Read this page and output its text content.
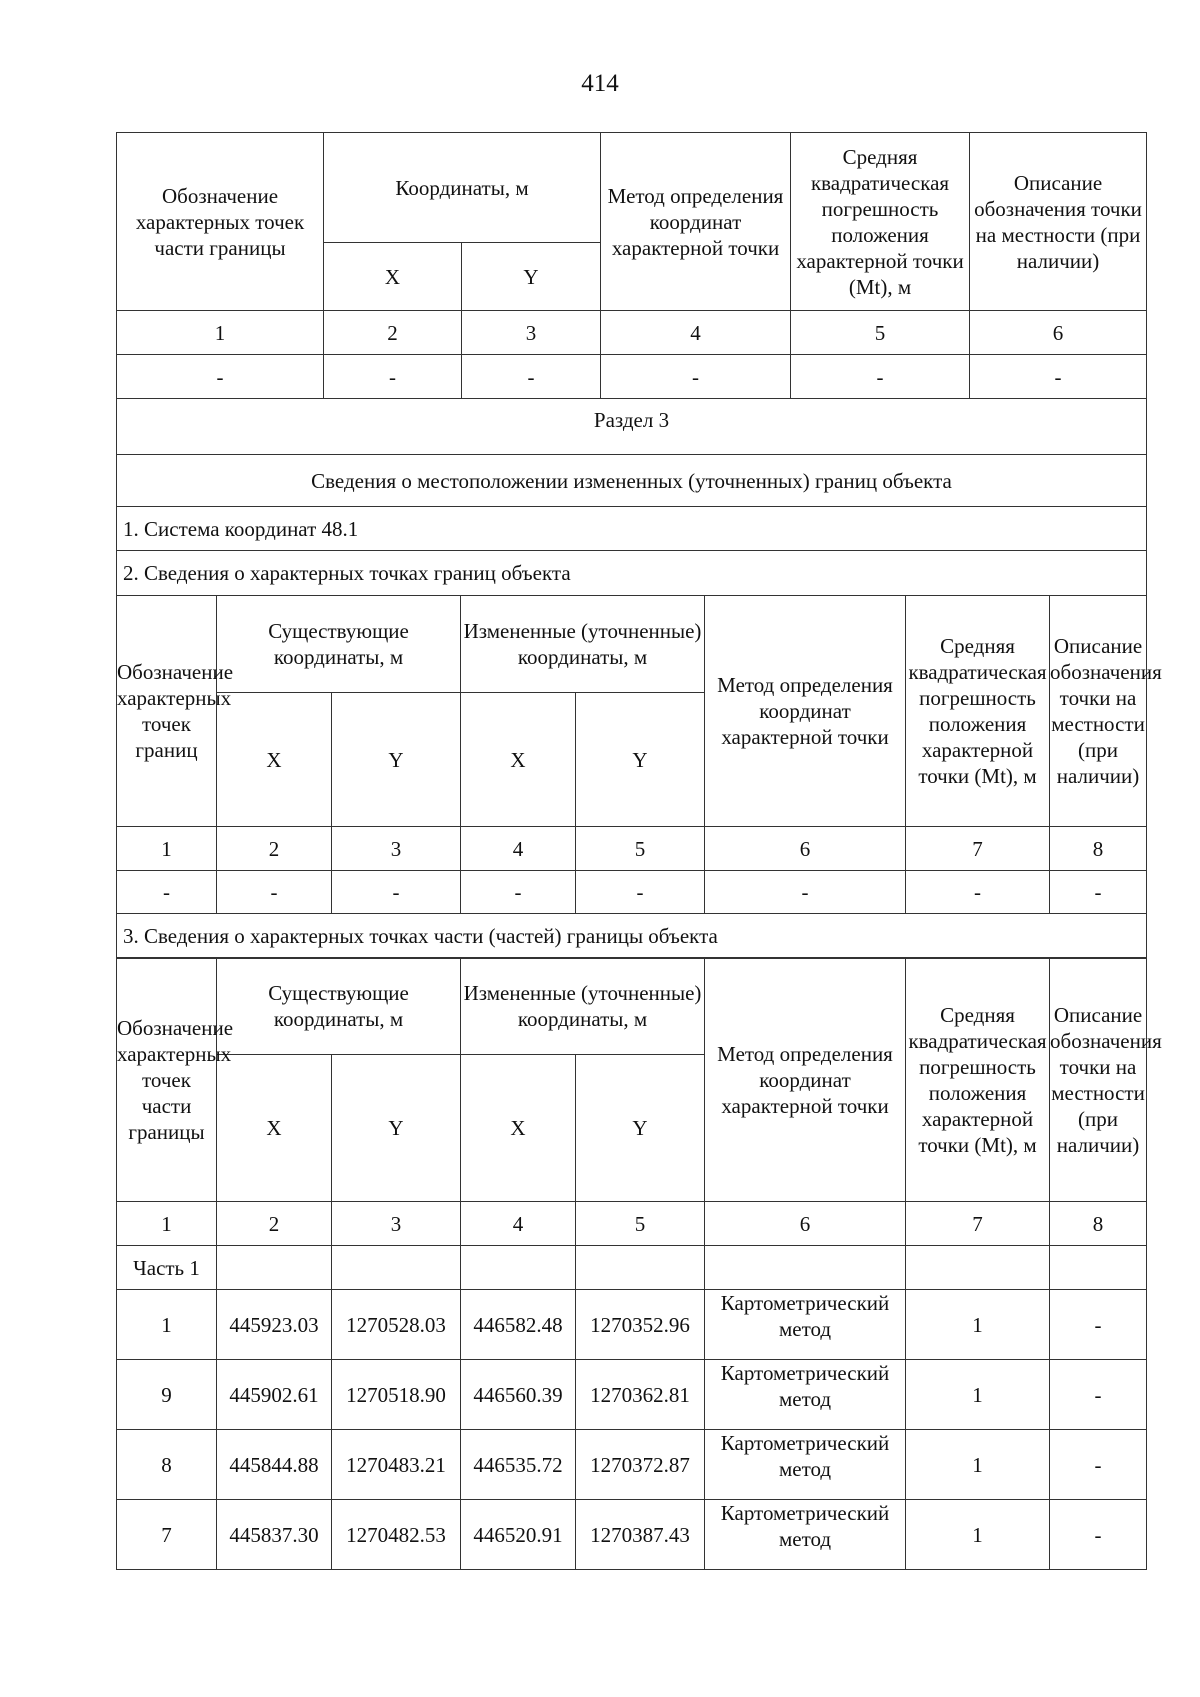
414
Обозначение характерных точек части границы	Координаты, м		Метод определения координат характерной точки	Средняя квадратическая погрешность положения характерной точки (Mt), м	Описание обозначения точки на местности (при наличии)
	X	Y			
1	2	3	4	5	6
-	-	-	-	-	-
Раздел 3					
Сведения о местоположении измененных (уточненных) границ объекта					
1. Система координат 48.1					
2. Сведения о характерных точках границ объекта					
Обозначение характерных точек границ	Существующие координаты, м		Измененные (уточненные) координаты, м		Метод определения координат характерной точки	Средняя квадратическая погрешность положения характерной точки (Mt), м	Описание обозначения точки на местности (при наличии)
	X	Y	X	Y			
1	2	3	4	5	6	7	8
-	-	-	-	-	-	-	-
3. Сведения о характерных точках части (частей) границы объекта							
Обозначение характерных точек части границы	Существующие координаты, м		Измененные (уточненные) координаты, м		Метод определения координат характерной точки	Средняя квадратическая погрешность положения характерной точки (Mt), м	Описание обозначения точки на местности (при наличии)
	X	Y	X	Y			
1	2	3	4	5	6	7	8
Часть 1							
1	445923.03	1270528.03	446582.48	1270352.96	Картометрический метод	1	-
9	445902.61	1270518.90	446560.39	1270362.81	Картометрический метод	1	-
8	445844.88	1270483.21	446535.72	1270372.87	Картометрический метод	1	-
7	445837.30	1270482.53	446520.91	1270387.43	Картометрический метод	1	-
